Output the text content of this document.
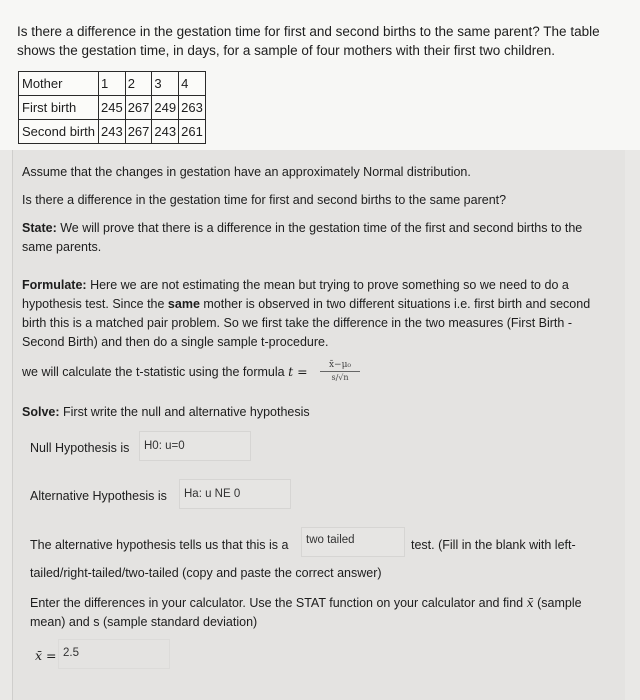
Is there a difference in the gestation time for first and second births to the same parent? The table shows the gestation time, in days, for a sample of four mothers with their first two children.
Mother	1	2	3	4
First birth	245	267	249	263
Second birth	243	267	243	261
Assume that the changes in gestation have an approximately Normal distribution.
Is there a difference in the gestation time for first and second births to the same parent?
State: We will prove that there is a difference in the gestation time of the first and second births to the same parents.
Formulate: Here we are not estimating the mean but trying to prove something so we need to do a hypothesis test. Since the same mother is observed in two different situations i.e. first birth and second birth this is a matched pair problem. So we first take the difference in the two measures (First Birth - Second Birth) and then do a single sample t-procedure.
we will calculate the t-statistic using the formula t =	$\frac{\text{x̄−μ₀}}{s/√n}$
Solve: First write the null and alternative hypothesis
Null Hypothesis is	H0: u=0
Alternative Hypothesis is	Ha: u NE 0
The alternative hypothesis tells us that this is a	two tailed	test. (Fill in the blank with left-
tailed/right-tailed/two-tailed (copy and paste the correct answer)
Enter the differences in your calculator. Use the STAT function on your calculator and find x̄ (sample mean) and s (sample standard deviation)
x̄ = 2.5
